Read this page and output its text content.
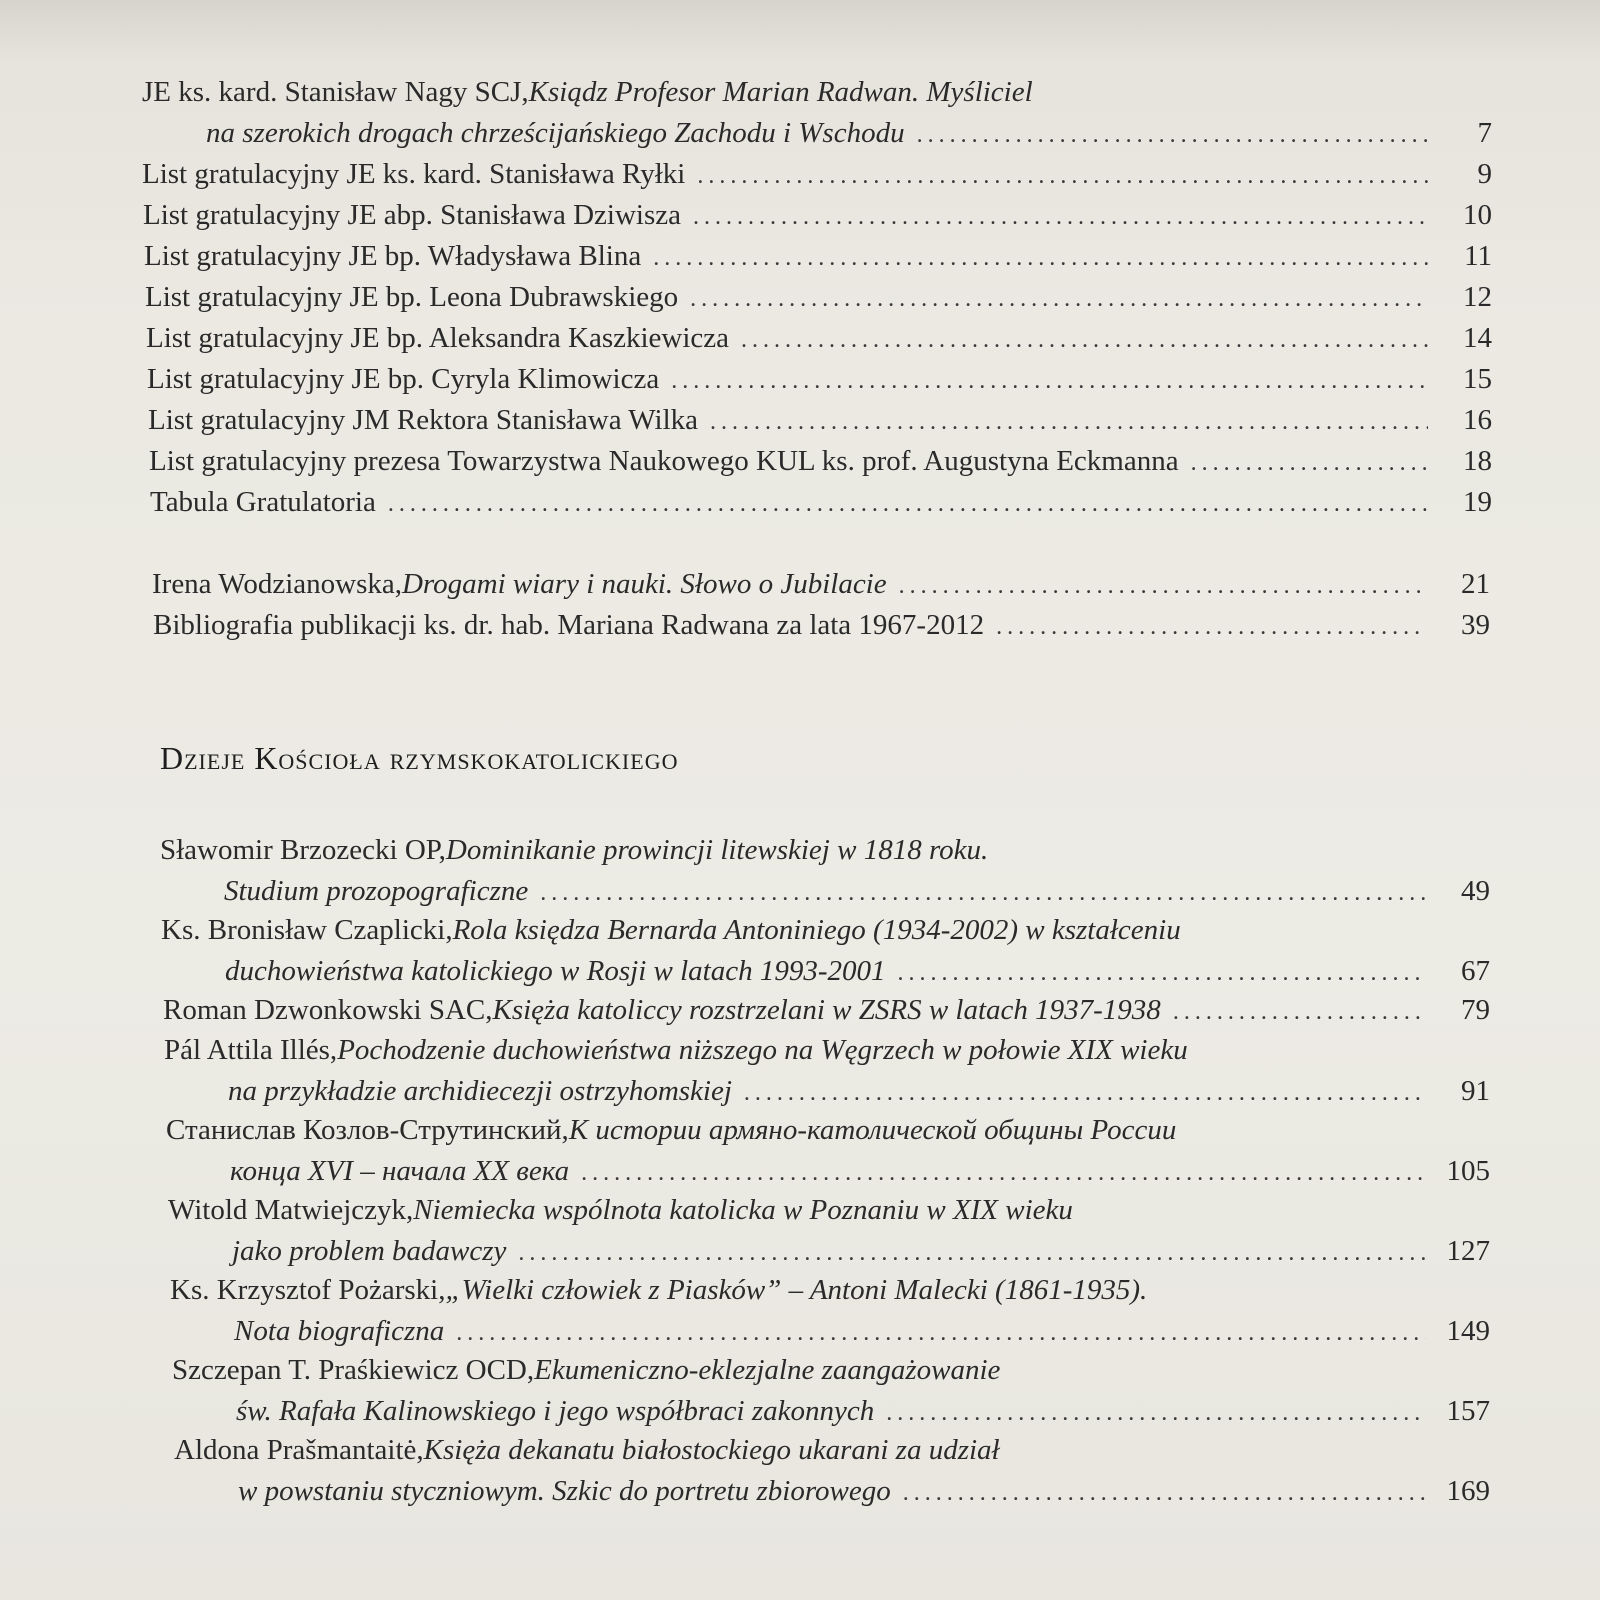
JE ks. kard. Stanisław Nagy SCJ, Ksiądz Profesor Marian Radwan. Myśliciel
na szerokich drogach chrześcijańskiego Zachodu i Wschodu .....	7
List gratulacyjny JE ks. kard. Stanisława Ryłki .....	9
List gratulacyjny JE abp. Stanisława Dziwisza .....	10
List gratulacyjny JE bp. Władysława Blina .....	11
List gratulacyjny JE bp. Leona Dubrawskiego .....	12
List gratulacyjny JE bp. Aleksandra Kaszkiewicza .....	14
List gratulacyjny JE bp. Cyryla Klimowicza .....	15
List gratulacyjny JM Rektora Stanisława Wilka .....	16
List gratulacyjny prezesa Towarzystwa Naukowego KUL ks. prof. Augustyna Eckmanna .....	18
Tabula Gratulatoria .....	19
Irena Wodzianowska, Drogami wiary i nauki. Słowo o Jubilacie .....	21
Bibliografia publikacji ks. dr. hab. Mariana Radwana za lata 1967-2012 .....	39
Dzieje Kościoła rzymskokatolickiego
Sławomir Brzozecki OP, Dominikanie prowincji litewskiej w 1818 roku.
Studium prozopograficzne .....	49
Ks. Bronisław Czaplicki, Rola księdza Bernarda Antoniniego (1934-2002) w kształceniu
duchowieństwa katolickiego w Rosji w latach 1993-2001 .....	67
Roman Dzwonkowski SAC, Księża katoliccy rozstrzelani w ZSRS w latach 1937-1938 .....	79
Pál Attila Illés, Pochodzenie duchowieństwa niższego na Węgrzech w połowie XIX wieku
na przykładzie archidiecezji ostrzyhomskiej .....	91
Станислав Козлов-Струтинский, К истории армяно-католической общины России
конца XVI – начала XX века .....	105
Witold Matwiejczyk, Niemiecka wspólnota katolicka w Poznaniu w XIX wieku
jako problem badawczy .....	127
Ks. Krzysztof Pożarski, „Wielki człowiek z Piasków” – Antoni Malecki (1861-1935).
Nota biograficzna .....	149
Szczepan T. Praśkiewicz OCD, Ekumeniczno-eklezjalne zaangażowanie
św. Rafała Kalinowskiego i jego współbraci zakonnych .....	157
Aldona Prašmantaitė, Księża dekanatu białostockiego ukarani za udział
w powstaniu styczniowym. Szkic do portretu zbiorowego .....	169
